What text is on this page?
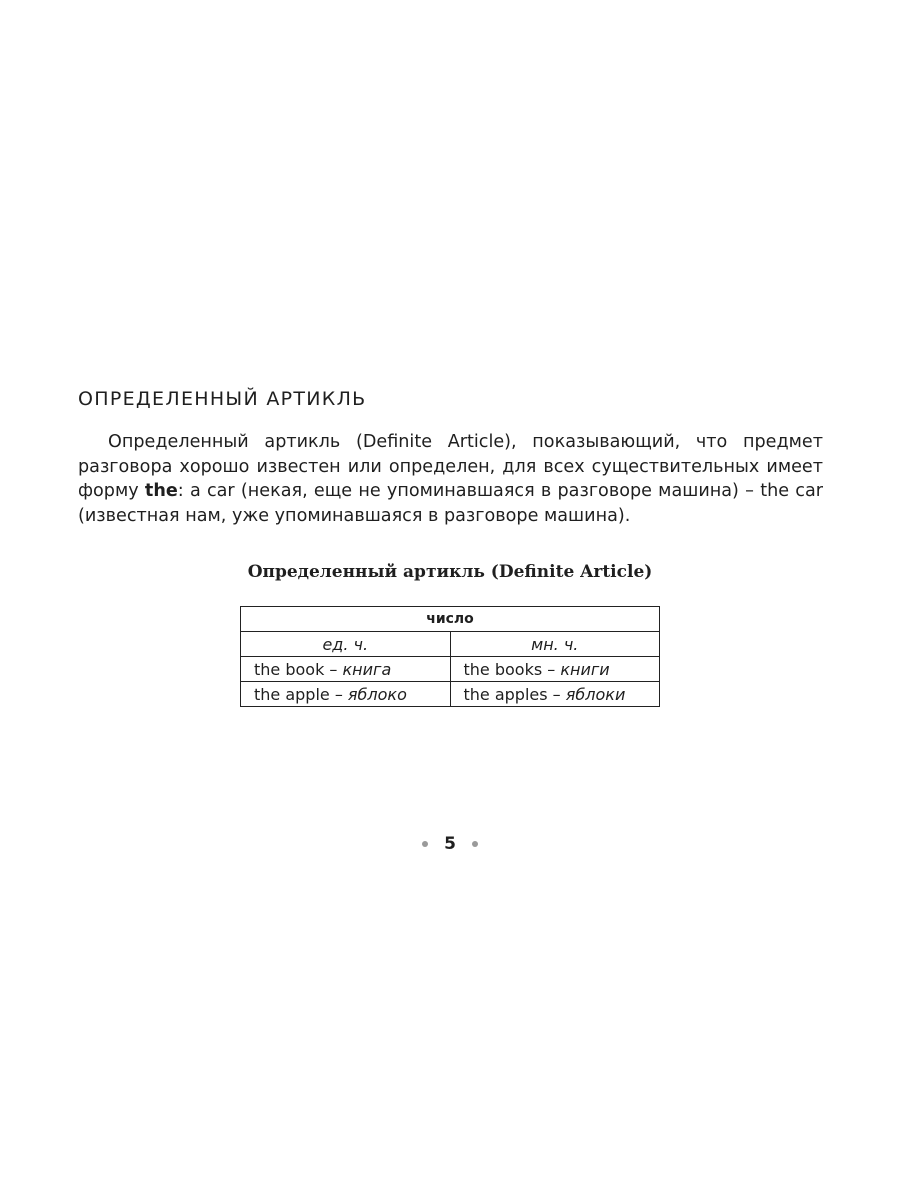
ОПРЕДЕЛЕННЫЙ АРТИКЛЬ

Определенный артикль (Definite Article), показывающий, что предмет разговора хорошо известен или определен, для всех существительных имеет форму the: a car (некая, еще не упоминавшаяся в разговоре машина) – the car (известная нам, уже упоминавшаяся в разговоре машина).

Определенный артикль (Definite Article)
число	
ед. ч.	мн. ч.
the book – книга	the books – книги
the apple – яблоко	the apples – яблоки
5
